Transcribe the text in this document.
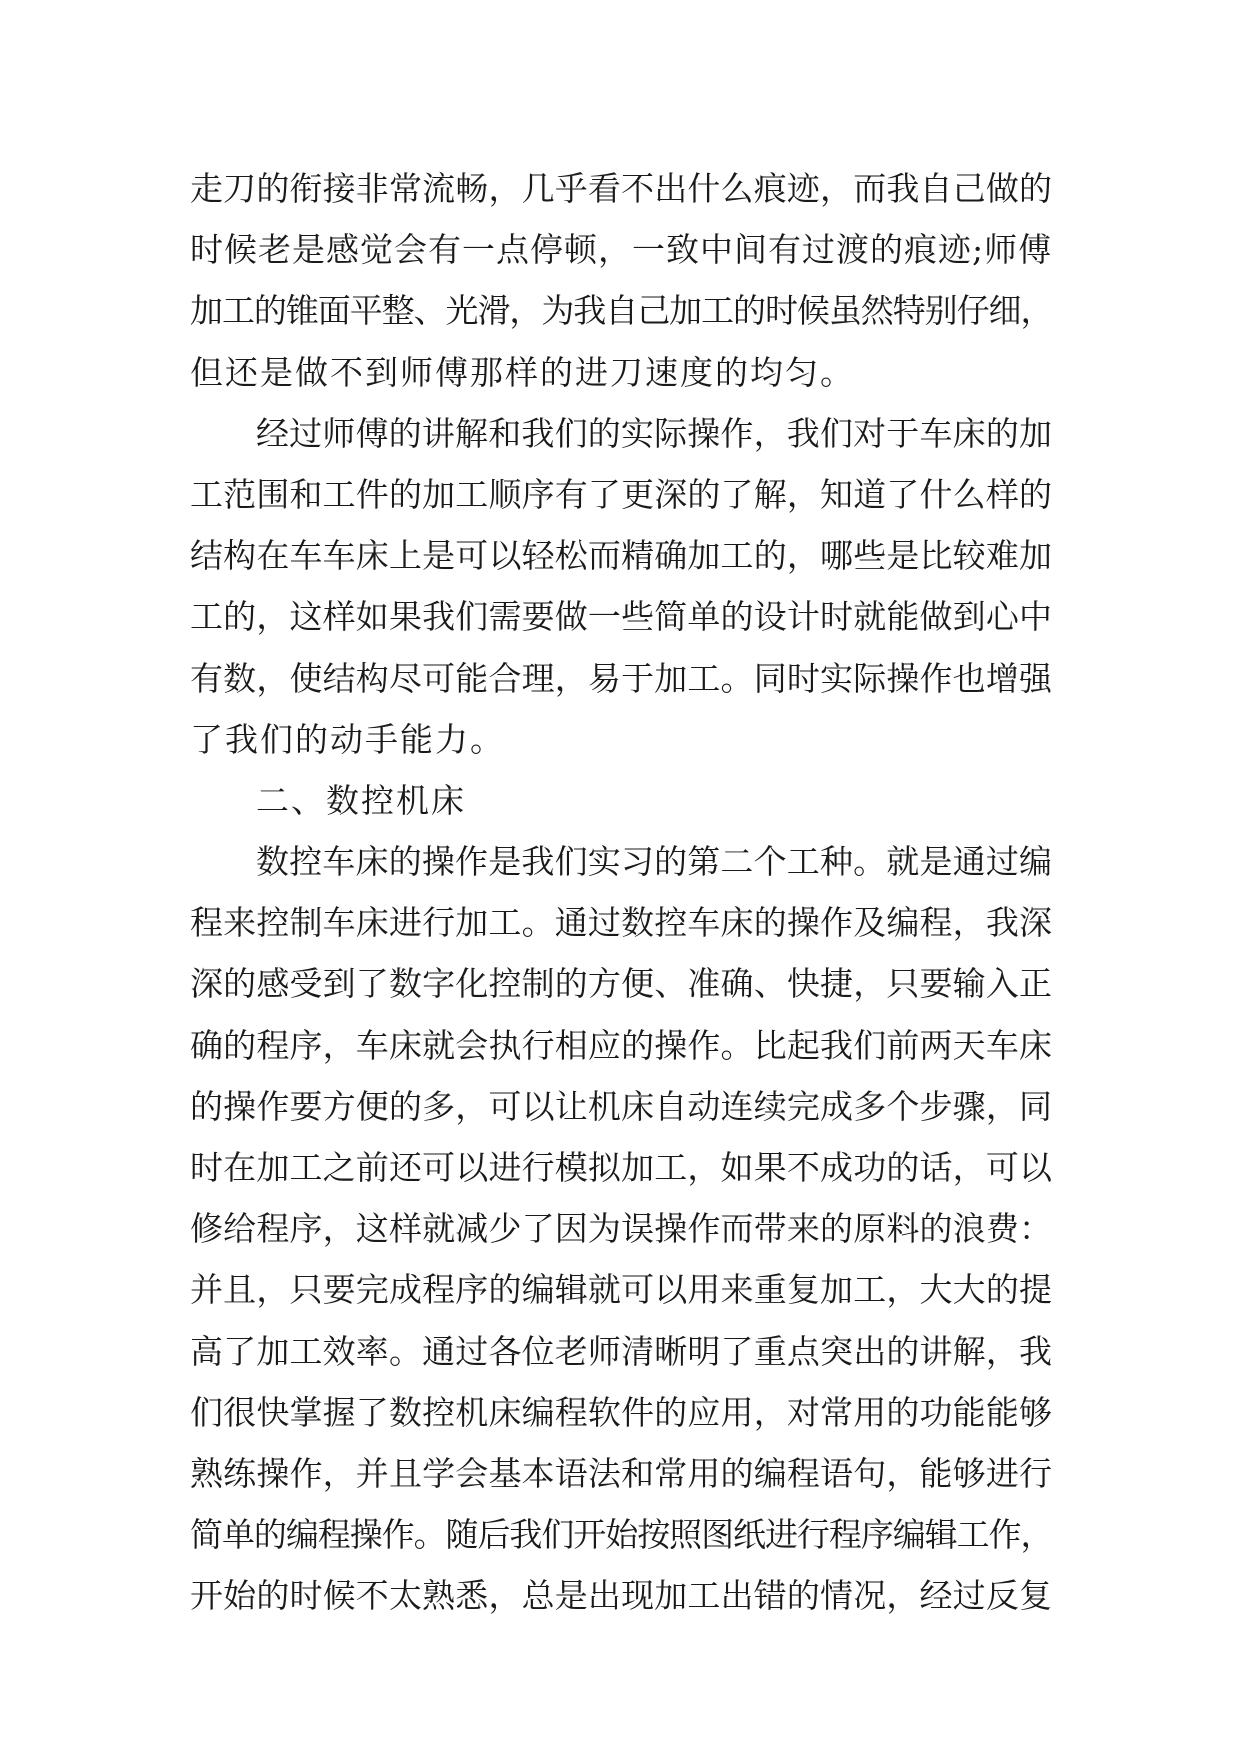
走刀的衔接非常流畅，几乎看不出什么痕迹，而我自己做的
时候老是感觉会有一点停顿，一致中间有过渡的痕迹;师傅
加工的锥面平整、光滑，为我自己加工的时候虽然特别仔细，
但还是做不到师傅那样的进刀速度的均匀。
经过师傅的讲解和我们的实际操作，我们对于车床的加
工范围和工件的加工顺序有了更深的了解，知道了什么样的
结构在车车床上是可以轻松而精确加工的，哪些是比较难加
工的，这样如果我们需要做一些简单的设计时就能做到心中
有数，使结构尽可能合理，易于加工。同时实际操作也增强
了我们的动手能力。
二、数控机床
数控车床的操作是我们实习的第二个工种。就是通过编
程来控制车床进行加工。通过数控车床的操作及编程，我深
深的感受到了数字化控制的方便、准确、快捷，只要输入正
确的程序，车床就会执行相应的操作。比起我们前两天车床
的操作要方便的多，可以让机床自动连续完成多个步骤，同
时在加工之前还可以进行模拟加工，如果不成功的话，可以
修给程序，这样就减少了因为误操作而带来的原料的浪费：
并且，只要完成程序的编辑就可以用来重复加工，大大的提
高了加工效率。通过各位老师清晰明了重点突出的讲解，我
们很快掌握了数控机床编程软件的应用，对常用的功能能够
熟练操作，并且学会基本语法和常用的编程语句，能够进行
简单的编程操作。随后我们开始按照图纸进行程序编辑工作，
开始的时候不太熟悉，总是出现加工出错的情况，经过反复
